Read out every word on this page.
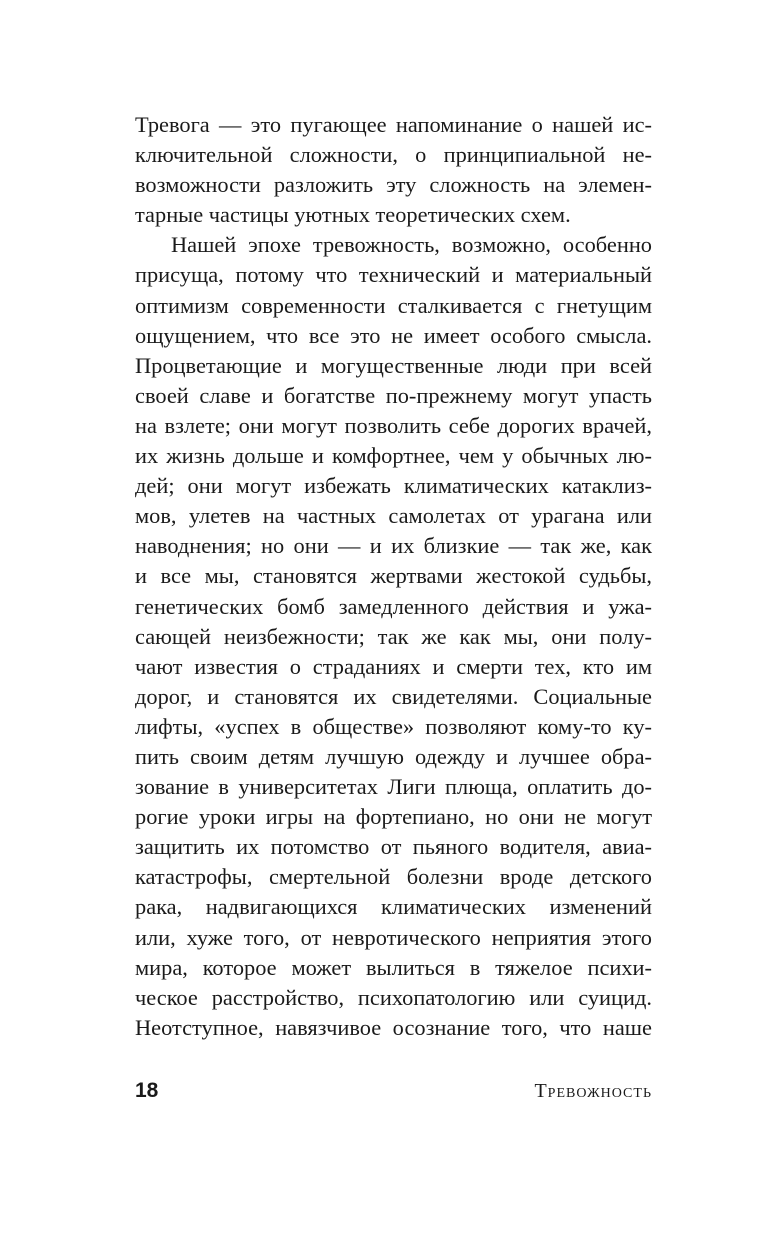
Тревога — это пугающее напоминание о нашей ис-
ключительной сложности, о принципиальной не-
возможности разложить эту сложность на элемен-
тарные частицы уютных теоретических схем.
Нашей эпохе тревожность, возможно, особенно
присуща, потому что технический и материальный
оптимизм современности сталкивается с гнетущим
ощущением, что все это не имеет особого смысла.
Процветающие и могущественные люди при всей
своей славе и богатстве по-прежнему могут упасть
на взлете; они могут позволить себе дорогих врачей,
их жизнь дольше и комфортнее, чем у обычных лю-
дей; они могут избежать климатических катаклиз-
мов, улетев на частных самолетах от урагана или
наводнения; но они — и их близкие — так же, как
и все мы, становятся жертвами жестокой судьбы,
генетических бомб замедленного действия и ужа-
сающей неизбежности; так же как мы, они полу-
чают известия о страданиях и смерти тех, кто им
дорог, и становятся их свидетелями. Социальные
лифты, «успех в обществе» позволяют кому-то ку-
пить своим детям лучшую одежду и лучшее обра-
зование в университетах Лиги плюща, оплатить до-
рогие уроки игры на фортепиано, но они не могут
защитить их потомство от пьяного водителя, авиа-
катастрофы, смертельной болезни вроде детского
рака, надвигающихся климатических изменений
или, хуже того, от невротического неприятия этого
мира, которое может вылиться в тяжелое психи-
ческое расстройство, психопатологию или суицид.
Неотступное, навязчивое осознание того, что наше
18	Тревожность
